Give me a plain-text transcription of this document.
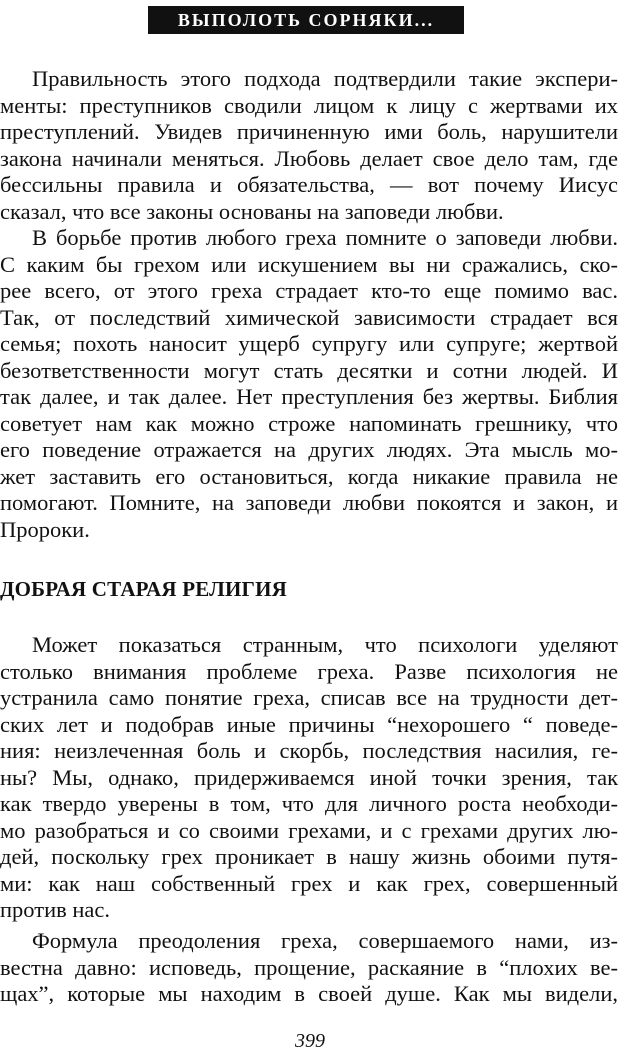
ВЫПОЛОТЬ СОРНЯКИ...
Правильность этого подхода подтвердили такие экспери-
менты: преступников сводили лицом к лицу с жертвами их
преступлений. Увидев причиненную ими боль, нарушители
закона начинали меняться. Любовь делает свое дело там, где
бессильны правила и обязательства, — вот почему Иисус
сказал, что все законы основаны на заповеди любви.
В борьбе против любого греха помните о заповеди любви.
С каким бы грехом или искушением вы ни сражались, ско-
рее всего, от этого греха страдает кто-то еще помимо вас.
Так, от последствий химической зависимости страдает вся
семья; похоть наносит ущерб супругу или супруге; жертвой
безответственности могут стать десятки и сотни людей. И
так далее, и так далее. Нет преступления без жертвы. Библия
советует нам как можно строже напоминать грешнику, что
его поведение отражается на других людях. Эта мысль мо-
жет заставить его остановиться, когда никакие правила не
помогают. Помните, на заповеди любви покоятся и закон, и
Пророки.
ДОБРАЯ СТАРАЯ РЕЛИГИЯ
Может показаться странным, что психологи уделяют
столько внимания проблеме греха. Разве психология не
устранила само понятие греха, списав все на трудности дет-
ских лет и подобрав иные причины “нехорошего “ поведе-
ния: неизлеченная боль и скорбь, последствия насилия, ге-
ны? Мы, однако, придерживаемся иной точки зрения, так
как твердо уверены в том, что для личного роста необходи-
мо разобраться и со своими грехами, и с грехами других лю-
дей, поскольку грех проникает в нашу жизнь обоими путя-
ми: как наш собственный грех и как грех, совершенный
против нас.
Формула преодоления греха, совершаемого нами, из-
вестна давно: исповедь, прощение, раскаяние в “плохих ве-
щах”, которые мы находим в своей душе. Как мы видели,
399
